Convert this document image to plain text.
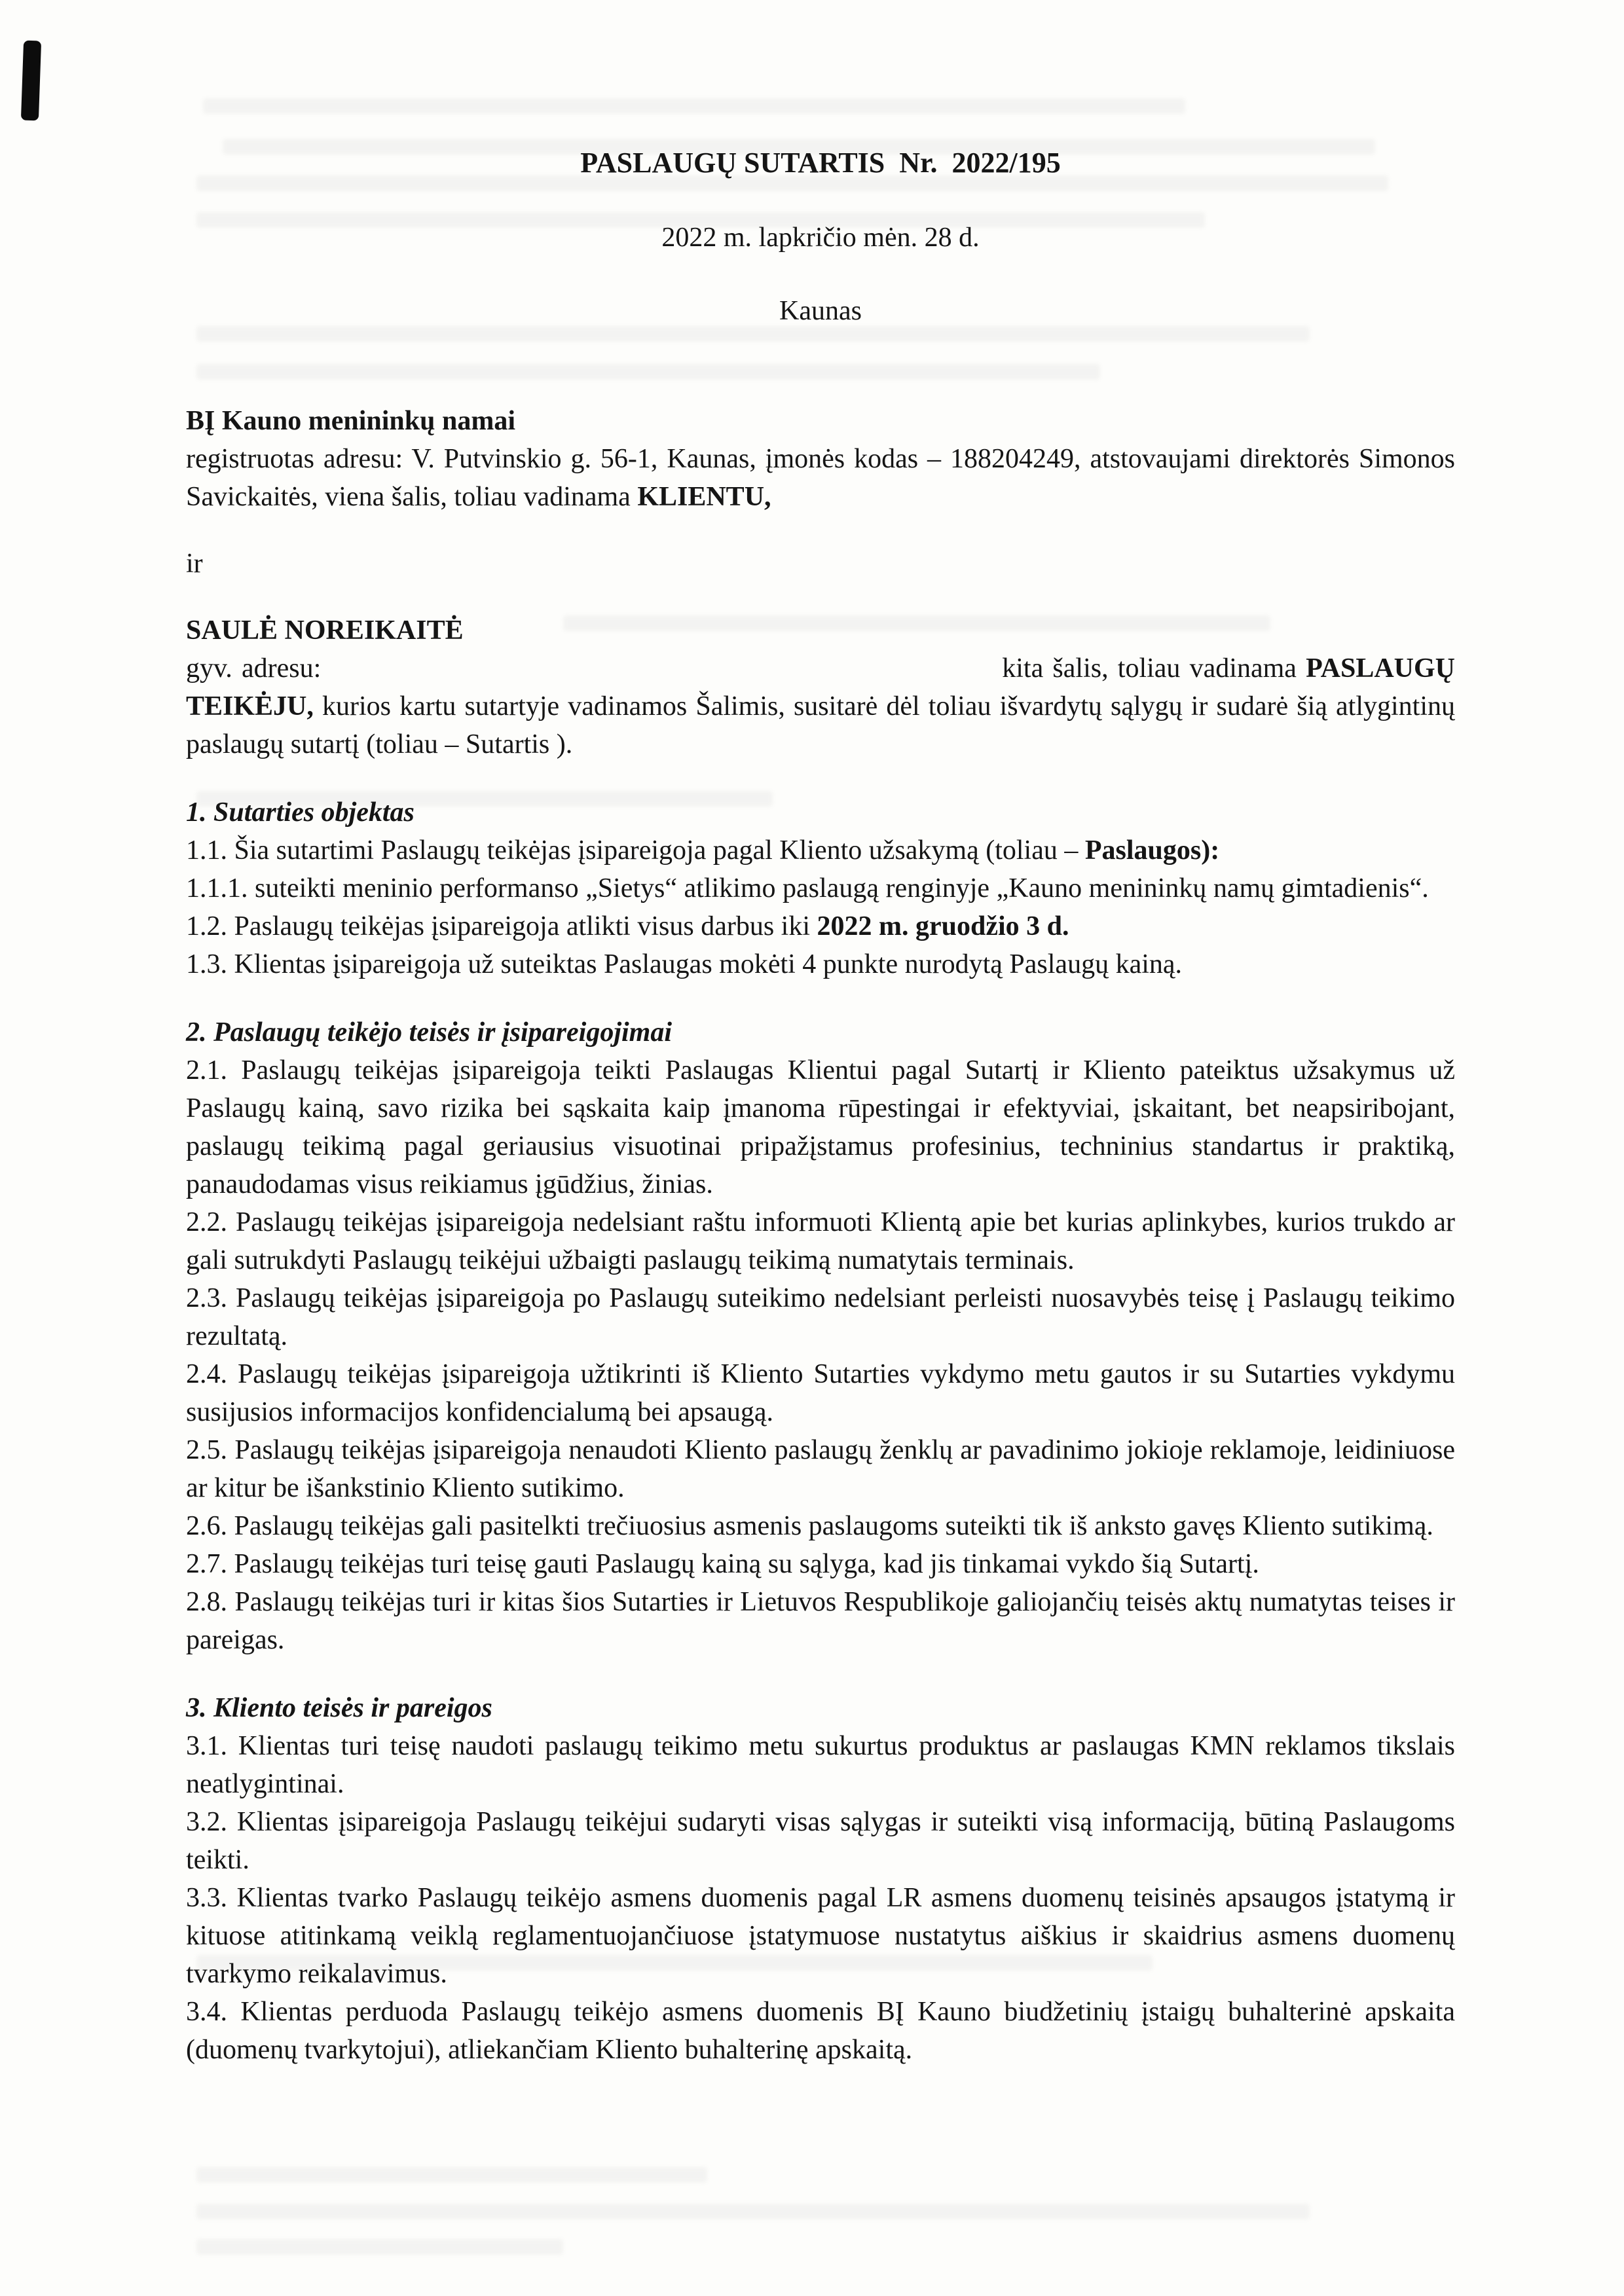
PASLAUGŲ SUTARTIS  Nr.  2022/195

2022 m. lapkričio mėn. 28 d.

Kaunas

BĮ Kauno menininkų namai

registruotas adresu: V. Putvinskio g. 56-1, Kaunas, įmonės kodas – 188204249, atstovaujami direktorės Simonos Savickaitės, viena šalis, toliau vadinama KLIENTU,

ir

SAULĖ NOREIKAITĖ

gyv. adresu:	kita šalis, toliau vadinama PASLAUGŲ TEIKĖJU, kurios kartu sutartyje vadinamos Šalimis, susitarė dėl toliau išvardytų sąlygų ir sudarė šią atlygintinų paslaugų sutartį (toliau – Sutartis ).

1. Sutarties objektas

1.1. Šia sutartimi Paslaugų teikėjas įsipareigoja pagal Kliento užsakymą (toliau – Paslaugos):

1.1.1. suteikti meninio performanso „Sietys“ atlikimo paslaugą renginyje „Kauno menininkų namų gimtadienis“.

1.2. Paslaugų teikėjas įsipareigoja atlikti visus darbus iki 2022 m. gruodžio 3 d.

1.3. Klientas įsipareigoja už suteiktas Paslaugas mokėti 4 punkte nurodytą Paslaugų kainą.

2. Paslaugų teikėjo teisės ir įsipareigojimai

2.1. Paslaugų teikėjas įsipareigoja teikti Paslaugas Klientui pagal Sutartį ir Kliento pateiktus užsakymus už Paslaugų kainą, savo rizika bei sąskaita kaip įmanoma rūpestingai ir efektyviai, įskaitant, bet neapsiribojant, paslaugų teikimą pagal geriausius visuotinai pripažįstamus profesinius, techninius standartus ir praktiką, panaudodamas visus reikiamus įgūdžius, žinias.

2.2. Paslaugų teikėjas įsipareigoja nedelsiant raštu informuoti Klientą apie bet kurias aplinkybes, kurios trukdo ar gali sutrukdyti Paslaugų teikėjui užbaigti paslaugų teikimą numatytais terminais.

2.3. Paslaugų teikėjas įsipareigoja po Paslaugų suteikimo nedelsiant perleisti nuosavybės teisę į Paslaugų teikimo rezultatą.

2.4. Paslaugų teikėjas įsipareigoja užtikrinti iš Kliento Sutarties vykdymo metu gautos ir su Sutarties vykdymu susijusios informacijos konfidencialumą bei apsaugą.

2.5. Paslaugų teikėjas įsipareigoja nenaudoti Kliento paslaugų ženklų ar pavadinimo jokioje reklamoje, leidiniuose ar kitur be išankstinio Kliento sutikimo.

2.6. Paslaugų teikėjas gali pasitelkti trečiuosius asmenis paslaugoms suteikti tik iš anksto gavęs Kliento sutikimą.

2.7. Paslaugų teikėjas turi teisę gauti Paslaugų kainą su sąlyga, kad jis tinkamai vykdo šią Sutartį.

2.8. Paslaugų teikėjas turi ir kitas šios Sutarties ir Lietuvos Respublikoje galiojančių teisės aktų numatytas teises ir pareigas.

3. Kliento teisės ir pareigos

3.1. Klientas turi teisę naudoti paslaugų teikimo metu sukurtus produktus ar paslaugas KMN reklamos tikslais neatlygintinai.

3.2. Klientas įsipareigoja Paslaugų teikėjui sudaryti visas sąlygas ir suteikti visą informaciją, būtiną Paslaugoms teikti.

3.3. Klientas tvarko Paslaugų teikėjo asmens duomenis pagal LR asmens duomenų teisinės apsaugos įstatymą ir kituose atitinkamą veiklą reglamentuojančiuose įstatymuose nustatytus aiškius ir skaidrius asmens duomenų tvarkymo reikalavimus.

3.4. Klientas perduoda Paslaugų teikėjo asmens duomenis BĮ Kauno biudžetinių įstaigų buhalterinė apskaita (duomenų tvarkytojui), atliekančiam Kliento buhalterinę apskaitą.
